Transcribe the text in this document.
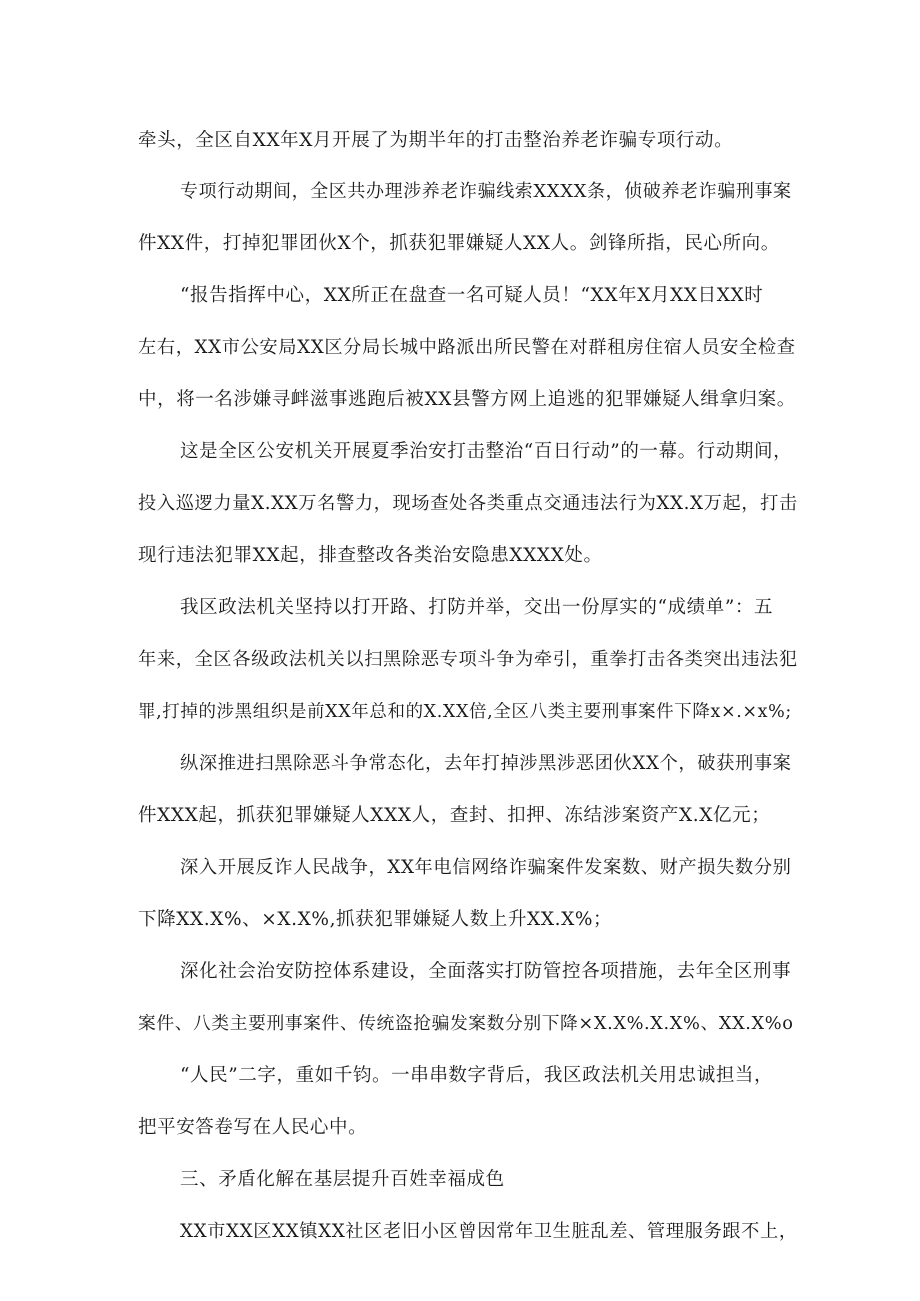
牵头，全区自XX年X月开展了为期半年的打击整治养老诈骗专项行动。
专项行动期间，全区共办理涉养老诈骗线索XXXX条，侦破养老诈骗刑事案
件XX件，打掉犯罪团伙X个，抓获犯罪嫌疑人XX人。剑锋所指，民心所向。
“报告指挥中心，XX所正在盘查一名可疑人员！“XX年X月XX日XX时
左右，XX市公安局XX区分局长城中路派出所民警在对群租房住宿人员安全检查
中，将一名涉嫌寻衅滋事逃跑后被XX县警方网上追逃的犯罪嫌疑人缉拿归案。
这是全区公安机关开展夏季治安打击整治“百日行动”的一幕。行动期间，
投入巡逻力量X.XX万名警力，现场查处各类重点交通违法行为XX.X万起，打击
现行违法犯罪XX起，排查整改各类治安隐患XXXX处。
我区政法机关坚持以打开路、打防并举，交出一份厚实的“成绩单”：五
年来，全区各级政法机关以扫黑除恶专项斗争为牵引，重拳打击各类突出违法犯
罪,打掉的涉黑组织是前XX年总和的X.XX倍,全区八类主要刑事案件下降x×.×x%;
纵深推进扫黑除恶斗争常态化，去年打掉涉黑涉恶团伙XX个，破获刑事案
件XXX起，抓获犯罪嫌疑人XXX人，查封、扣押、冻结涉案资产X.X亿元；
深入开展反诈人民战争，XX年电信网络诈骗案件发案数、财产损失数分别
下降XX.X%、×X.X%,抓获犯罪嫌疑人数上升XX.X%；
深化社会治安防控体系建设，全面落实打防管控各项措施，去年全区刑事
案件、八类主要刑事案件、传统盗抢骗发案数分别下降×X.X%.X.X%、XX.X%o
“人民”二字，重如千钧。一串串数字背后，我区政法机关用忠诚担当，
把平安答卷写在人民心中。
三、矛盾化解在基层提升百姓幸福成色
XX市XX区XX镇XX社区老旧小区曾因常年卫生脏乱差、管理服务跟不上，
